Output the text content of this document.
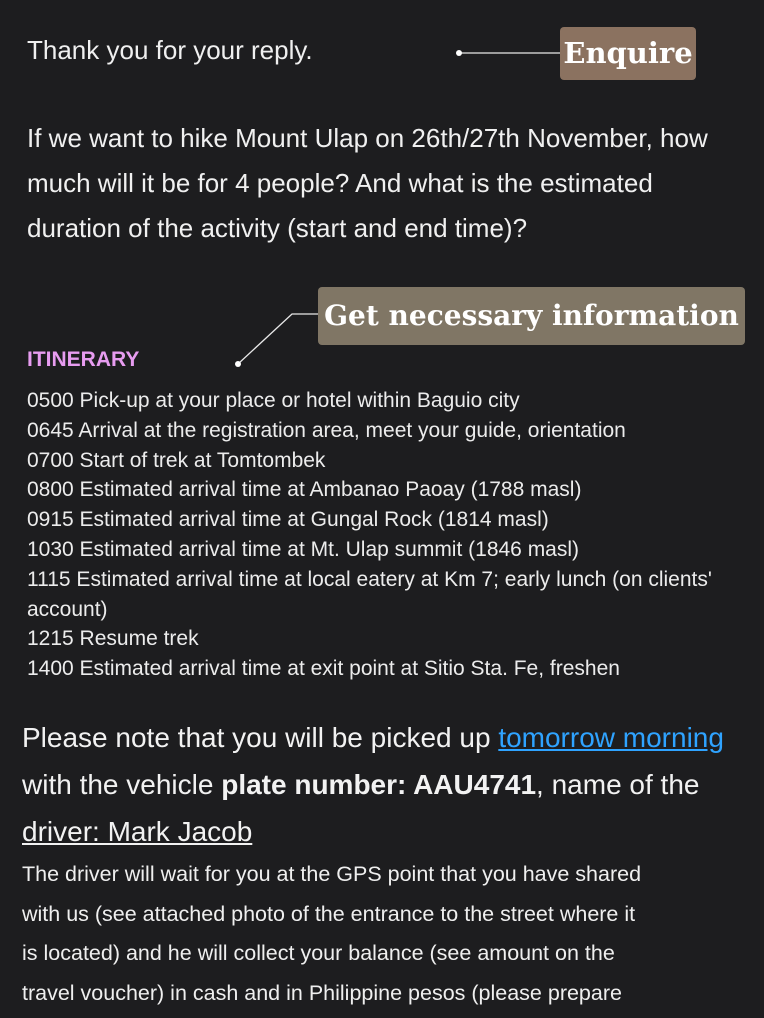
Thank you for your reply.
If we want to hike Mount Ulap on 26th/27th November, how much will it be for 4 people? And what is the estimated duration of the activity (start and end time)?
ITINERARY
0500 Pick-up at your place or hotel within Baguio city
0645 Arrival at the registration area, meet your guide, orientation
0700 Start of trek at Tomtombek
0800 Estimated arrival time at Ambanao Paoay (1788 masl)
0915 Estimated arrival time at Gungal Rock (1814 masl)
1030 Estimated arrival time at Mt. Ulap summit (1846 masl)
1115 Estimated arrival time at local eatery at Km 7; early lunch (on clients' account)
1215 Resume trek
1400 Estimated arrival time at exit point at Sitio Sta. Fe, freshen
Please note that you will be picked up tomorrow morning with the vehicle plate number: AAU4741, name of the driver: Mark Jacob
The driver will wait for you at the GPS point that you have shared
with us (see attached photo of the entrance to the street where it
is located) and he will collect your balance (see amount on the
travel voucher) in cash and in Philippine pesos (please prepare
Enquire
Get necessary information
